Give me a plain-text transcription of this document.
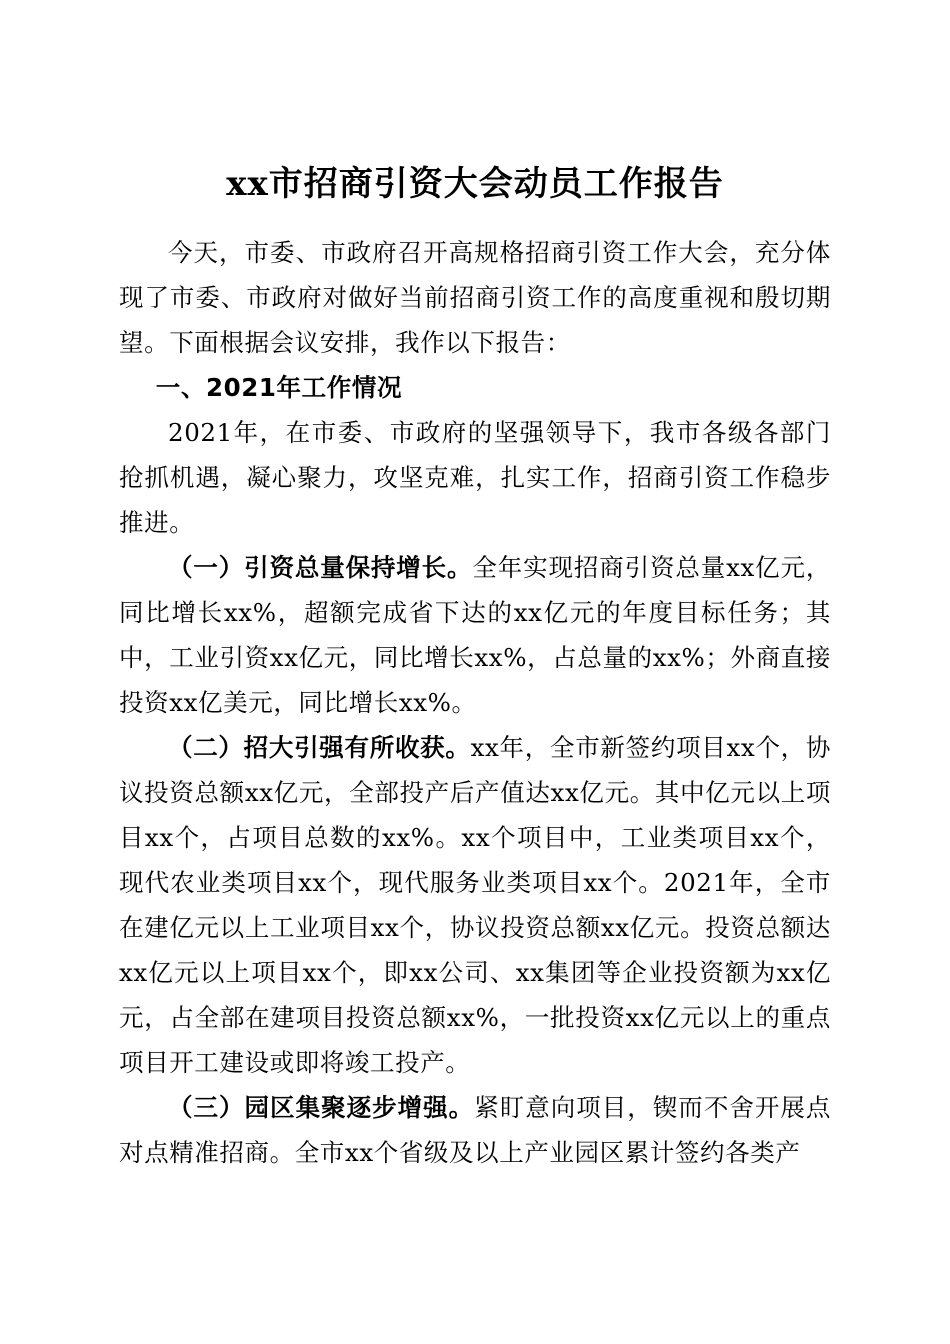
xx市招商引资大会动员工作报告

今天，市委、市政府召开高规格招商引资工作大会，充分体现了市委、市政府对做好当前招商引资工作的高度重视和殷切期望。下面根据会议安排，我作以下报告：

一、2021年工作情况

2021年，在市委、市政府的坚强领导下，我市各级各部门抢抓机遇，凝心聚力，攻坚克难，扎实工作，招商引资工作稳步推进。

（一）引资总量保持增长。全年实现招商引资总量xx亿元，同比增长xx%，超额完成省下达的xx亿元的年度目标任务；其中，工业引资xx亿元，同比增长xx%，占总量的xx%；外商直接投资xx亿美元，同比增长xx%。

（二）招大引强有所收获。xx年，全市新签约项目xx个，协议投资总额xx亿元，全部投产后产值达xx亿元。其中亿元以上项目xx个，占项目总数的xx%。xx个项目中，工业类项目xx个，现代农业类项目xx个，现代服务业类项目xx个。2021年，全市在建亿元以上工业项目xx个，协议投资总额xx亿元。投资总额达xx亿元以上项目xx个，即xx公司、xx集团等企业投资额为xx亿元，占全部在建项目投资总额xx%，一批投资xx亿元以上的重点项目开工建设或即将竣工投产。

（三）园区集聚逐步增强。紧盯意向项目，锲而不舍开展点对点精准招商。全市xx个省级及以上产业园区累计签约各类产
